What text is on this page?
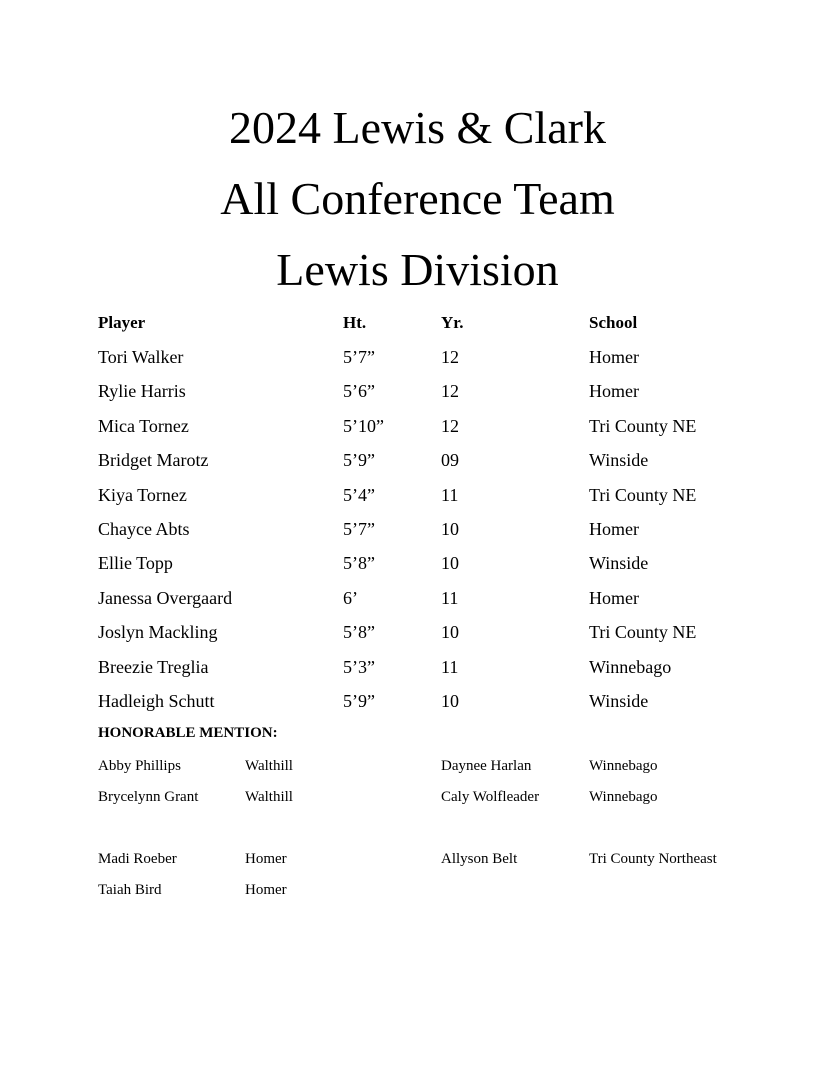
2024 Lewis & Clark
All Conference Team
Lewis Division
Player	Ht.	Yr.	School
Tori Walker	5’7”	12	Homer
Rylie Harris	5’6”	12	Homer
Mica Tornez	5’10”	12	Tri County NE
Bridget Marotz	5’9”	09	Winside
Kiya Tornez	5’4”	11	Tri County NE
Chayce Abts	5’7”	10	Homer
Ellie Topp	5’8”	10	Winside
Janessa Overgaard	6’	11	Homer
Joslyn Mackling	5’8”	10	Tri County NE
Breezie Treglia	5’3”	11	Winnebago
Hadleigh Schutt	5’9”	10	Winside
HONORABLE MENTION:
Abby Phillips	Walthill	Daynee Harlan	Winnebago
Brycelynn Grant	Walthill	Caly Wolfleader	Winnebago
Madi Roeber	Homer	Allyson Belt	Tri County Northeast
Taiah Bird	Homer
